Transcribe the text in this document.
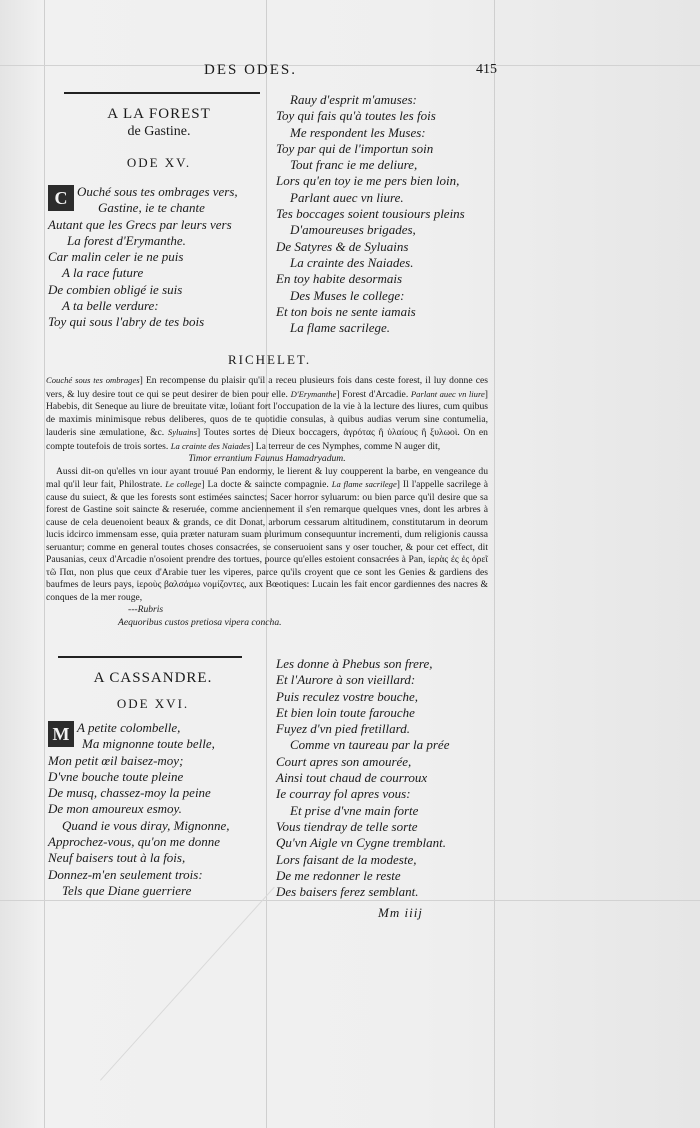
DES ODES.	415
A LA FOREST
de Gastine.
ODE XV.
C Ouché sous tes ombrages vers,
Gastine, ie te chante
Autant que les Grecs par leurs vers
La forest d'Erymanthe.
Car malin celer ie ne puis
A la race future
De combien obligé ie suis
A ta belle verdure:
Toy qui sous l'abry de tes bois
Rauy d'esprit m'amuses:
Toy qui fais qu'à toutes les fois
Me respondent les Muses:
Toy par qui de l'importun soin
Tout franc ie me deliure,
Lors qu'en toy ie me pers bien loin,
Parlant auec vn liure.
Tes boccages soient tousiours pleins
D'amoureuses brigades,
De Satyres & de Syluains
La crainte des Naiades.
En toy habite desormais
Des Muses le college:
Et ton bois ne sente iamais
La flame sacrilege.
RICHELET.

Couché sous tes ombrages] En recompense du plaisir qu'il a receu plusieurs fois dans ceste forest, il luy donne ces vers, & luy desire tout ce qui se peut desirer de bien pour elle. D'Erymanthe] Forest d'Arcadie. Parlant auec vn liure] Habebis, dit Seneque au liure de breuitate vitæ, loüant fort l'occupation de la vie à la lecture des liures, cum quibus de maximis minimisque rebus deliberes, quos de te quotidie consulas, à quibus audias verum sine contumelia, lauderis sine æmulatione, &c. Syluains] Toutes sortes de Dieux boccagers, ἀγρότας ἢ ὑλαίους ἢ ξυλωοὶ. On en compte toutefois de trois sortes. La crainte des Naiades] La terreur de ces Nymphes, comme N auger dit,

Timor errantium Faunus Hamadryadum.

Aussi dit-on qu'elles vn iour ayant trouué Pan endormy, le lierent & luy coupperent la barbe, en vengeance du mal qu'il leur fait, Philostrate. Le college] La docte & saincte compagnie. La flame sacrilege] Il l'appelle sacrilege à cause du suiect, & que les forests sont estimées sainctes; Sacer horror syluarum: ou bien parce qu'il desire que sa forest de Gastine soit saincte & reseruée, comme anciennement il s'en remarque quelques vnes, dont les arbres à cause de cela deuenoient beaux & grands, ce dit Donat, arborum cessarum altitudinem, constitutarum in deorum lucis idcirco immensam esse, quia præter naturam suam plurimum consequuntur incrementi, dum religionis caussa seruantur; comme en general toutes choses consacrées, se conseruoient sans y oser toucher, & pour cet effect, dit Pausanias, ceux d'Arcadie n'osoient prendre des tortues, pource qu'elles estoient consacrées à Pan, ἱερὰς ἐς ἐς ὀρεῖ τῶ Παι, non plus que ceux d'Arabie tuer les viperes, parce qu'ils croyent que ce sont les Genies & gardiens des baufmes de leurs pays, ἱεροὺς βαλσάμω νομίζοντες, aux Bœotiques: Lucain les fait encor gardiennes des nacres & conques de la mer rouge,

---Rubris

Aequoribus custos pretiosa vipera concha.

A CASSANDRE.
ODE XVI.
M A petite colombelle,
Ma mignonne toute belle,
Mon petit œil baisez-moy;
D'vne bouche toute pleine
De musq, chassez-moy la peine
De mon amoureux esmoy.
Quand ie vous diray, Mignonne,
Approchez-vous, qu'on me donne
Neuf baisers tout à la fois,
Donnez-m'en seulement trois:
Tels que Diane guerriere
Les donne à Phebus son frere,
Et l'Aurore à son vieillard:
Puis reculez vostre bouche,
Et bien loin toute farouche
Fuyez d'vn pied fretillard.
Comme vn taureau par la prée
Court apres son amourée,
Ainsi tout chaud de courroux
Ie courray fol apres vous:
Et prise d'vne main forte
Vous tiendray de telle sorte
Qu'vn Aigle vn Cygne tremblant.
Lors faisant de la modeste,
De me redonner le reste
Des baisers ferez semblant.
Mm iiij
